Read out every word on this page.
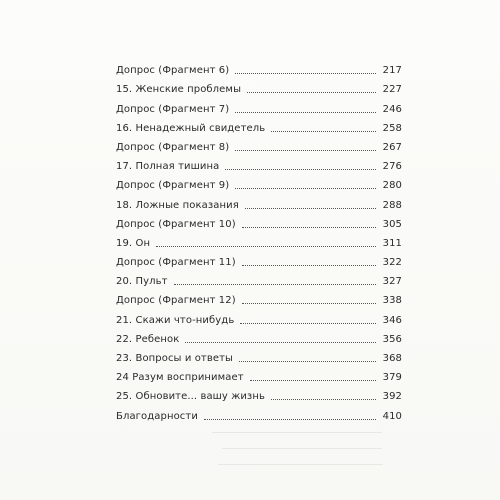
Допрос (Фрагмент 6)	217
15. Женские проблемы	227
Допрос (Фрагмент 7)	246
16. Ненадежный свидетель	258
Допрос (Фрагмент 8)	267
17. Полная тишина	276
Допрос (Фрагмент 9)	280
18. Ложные показания	288
Допрос (Фрагмент 10)	305
19. Он	311
Допрос (Фрагмент 11)	322
20. Пульт	327
Допрос (Фрагмент 12)	338
21. Скажи что-нибудь	346
22. Ребенок	356
23. Вопросы и ответы	368
24 Разум воспринимает	379
25. Обновите... вашу жизнь	392
Благодарности	410
